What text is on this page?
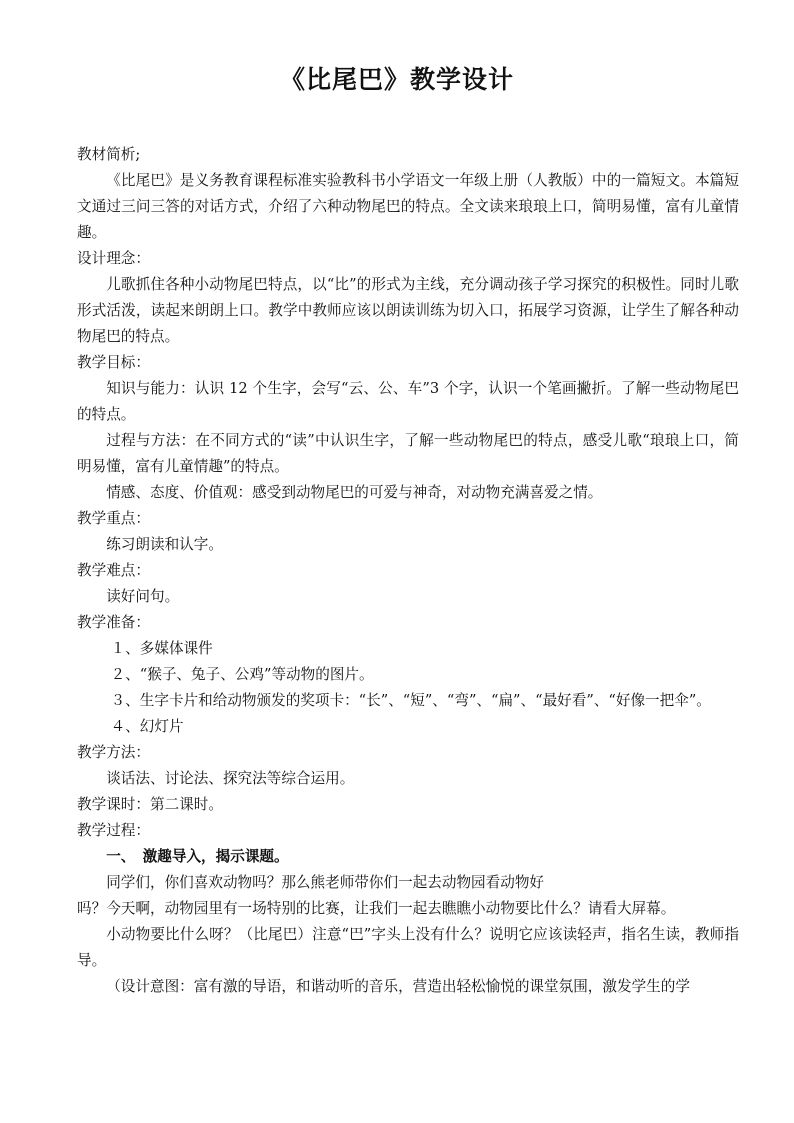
《比尾巴》教学设计

教材简析;

《比尾巴》是义务教育课程标准实验教科书小学语文一年级上册（人教版）中的一篇短文。本篇短文通过三问三答的对话方式，介绍了六种动物尾巴的特点。全文读来琅琅上口，简明易懂，富有儿童情趣。

设计理念：

儿歌抓住各种小动物尾巴特点，以“比”的形式为主线，充分调动孩子学习探究的积极性。同时儿歌形式活泼，读起来朗朗上口。教学中教师应该以朗读训练为切入口，拓展学习资源，让学生了解各种动物尾巴的特点。

教学目标：

知识与能力：认识 12 个生字，会写“云、公、车”3 个字，认识一个笔画撇折。了解一些动物尾巴的特点。

过程与方法：在不同方式的“读”中认识生字，了解一些动物尾巴的特点，感受儿歌“琅琅上口，简明易懂，富有儿童情趣”的特点。

情感、态度、价值观：感受到动物尾巴的可爱与神奇，对动物充满喜爱之情。

教学重点：

练习朗读和认字。

教学难点：

读好问句。

教学准备：

１、多媒体课件

２、“猴子、兔子、公鸡”等动物的图片。

３、生字卡片和给动物颁发的奖项卡：“长”、“短”、“弯”、“扁”、“最好看”、“好像一把伞”。

４、幻灯片

教学方法：

谈话法、讨论法、探究法等综合运用。

教学课时：第二课时。

教学过程：

一、　激趣导入，揭示课题。

同学们，你们喜欢动物吗？那么熊老师带你们一起去动物园看动物好

吗？今天啊，动物园里有一场特别的比赛，让我们一起去瞧瞧小动物要比什么？请看大屏幕。

小动物要比什么呀？（比尾巴）注意“巴”字头上没有什么？说明它应该读轻声，指名生读，教师指导。

（设计意图：富有激的导语，和谐动听的音乐，营造出轻松愉悦的课堂氛围，激发学生的学
